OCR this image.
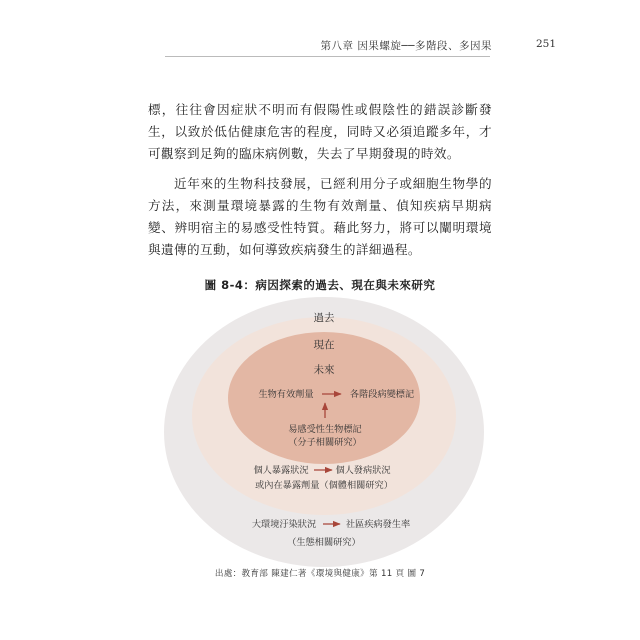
第八章 因果螺旋──多階段、多因果	251
標，往往會因症狀不明而有假陽性或假陰性的錯誤診斷發生，以致於低估健康危害的程度，同時又必須追蹤多年，才可觀察到足夠的臨床病例數，失去了早期發現的時效。
近年來的生物科技發展，已經利用分子或細胞生物學的方法，來測量環境暴露的生物有效劑量、偵知疾病早期病變、辨明宿主的易感受性特質。藉此努力，將可以闡明環境與遺傳的互動，如何導致疾病發生的詳細過程。
圖 8-4：病因探索的過去、現在與未來研究
過去
現在
未來
生物有效劑量	各階段病變標記
易感受性生物標記
（分子相關研究）
個人暴露狀況	個人發病狀況
或內在暴露劑量（個體相關研究）
大環境汙染狀況	社區疾病發生率
（生態相關研究）
出處：教育部 陳建仁著《環境與健康》第 11 頁 圖 7
